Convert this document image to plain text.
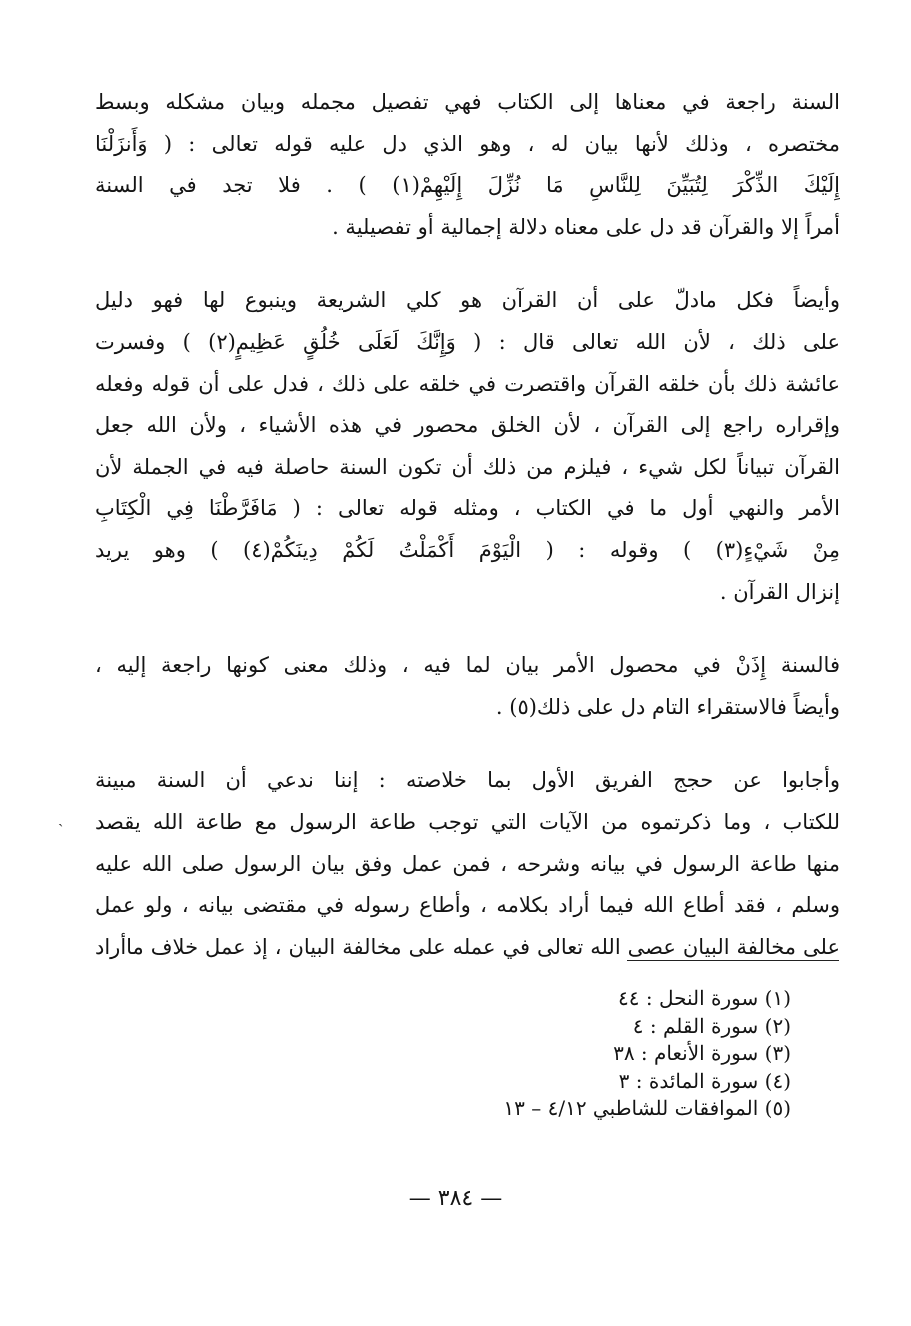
السنة راجعة في معناها إلى الكتاب فهي تفصيل مجمله وبيان مشكله وبسط
مختصره ، وذلك لأنها بيان له ، وهو الذي دل عليه قوله تعالى : ( وَأَنزَلْنَا
إِلَيْكَ الذِّكْرَ لِتُبَيِّنَ لِلنَّاسِ مَا نُزِّلَ إِلَيْهِمْ(١) ) . فلا تجد في السنة
أمراً إلا والقرآن قد دل على معناه دلالة إجمالية أو تفصيلية .
وأيضاً فكل مادلّ على أن القرآن هو كلي الشريعة وينبوع لها فهو دليل
على ذلك ، لأن الله تعالى قال : ( وَإِنَّكَ لَعَلَى خُلُقٍ عَظِيمٍ(٢) ) وفسرت
عائشة ذلك بأن خلقه القرآن واقتصرت في خلقه على ذلك ، فدل على أن قوله وفعله
وإقراره راجع إلى القرآن ، لأن الخلق محصور في هذه الأشياء ، ولأن الله جعل
القرآن تبياناً لكل شيء ، فيلزم من ذلك أن تكون السنة حاصلة فيه في الجملة لأن
الأمر والنهي أول ما في الكتاب ، ومثله قوله تعالى : ( مَافَرَّطْنَا فِي الْكِتَابِ
مِنْ شَيْءٍ(٣) ) وقوله : ( الْيَوْمَ أَكْمَلْتُ لَكُمْ دِينَكُمْ(٤) ) وهو يريد
إنزال القرآن .
فالسنة إِذَنْ في محصول الأمر بيان لما فيه ، وذلك معنى كونها راجعة إليه ،
وأيضاً فالاستقراء التام دل على ذلك(٥) .
وأجابوا عن حجج الفريق الأول بما خلاصته : إننا ندعي أن السنة مبينة
للكتاب ، وما ذكرتموه من الآيات التي توجب طاعة الرسول مع طاعة الله يقصد
منها طاعة الرسول في بيانه وشرحه ، فمن عمل وفق بيان الرسول صلى الله عليه
وسلم ، فقد أطاع الله فيما أراد بكلامه ، وأطاع رسوله في مقتضى بيانه ، ولو عمل
على مخالفة البيان عصى الله تعالى في عمله على مخالفة البيان ، إذ عمل خلاف ماأراد
ˎ
(١) سورة النحل : ٤٤
(٢) سورة القلم : ٤
(٣) سورة الأنعام : ٣٨
(٤) سورة المائدة : ٣
(٥) الموافقات للشاطبي ٤/١٢ – ١٣
— ٣٨٤ —
